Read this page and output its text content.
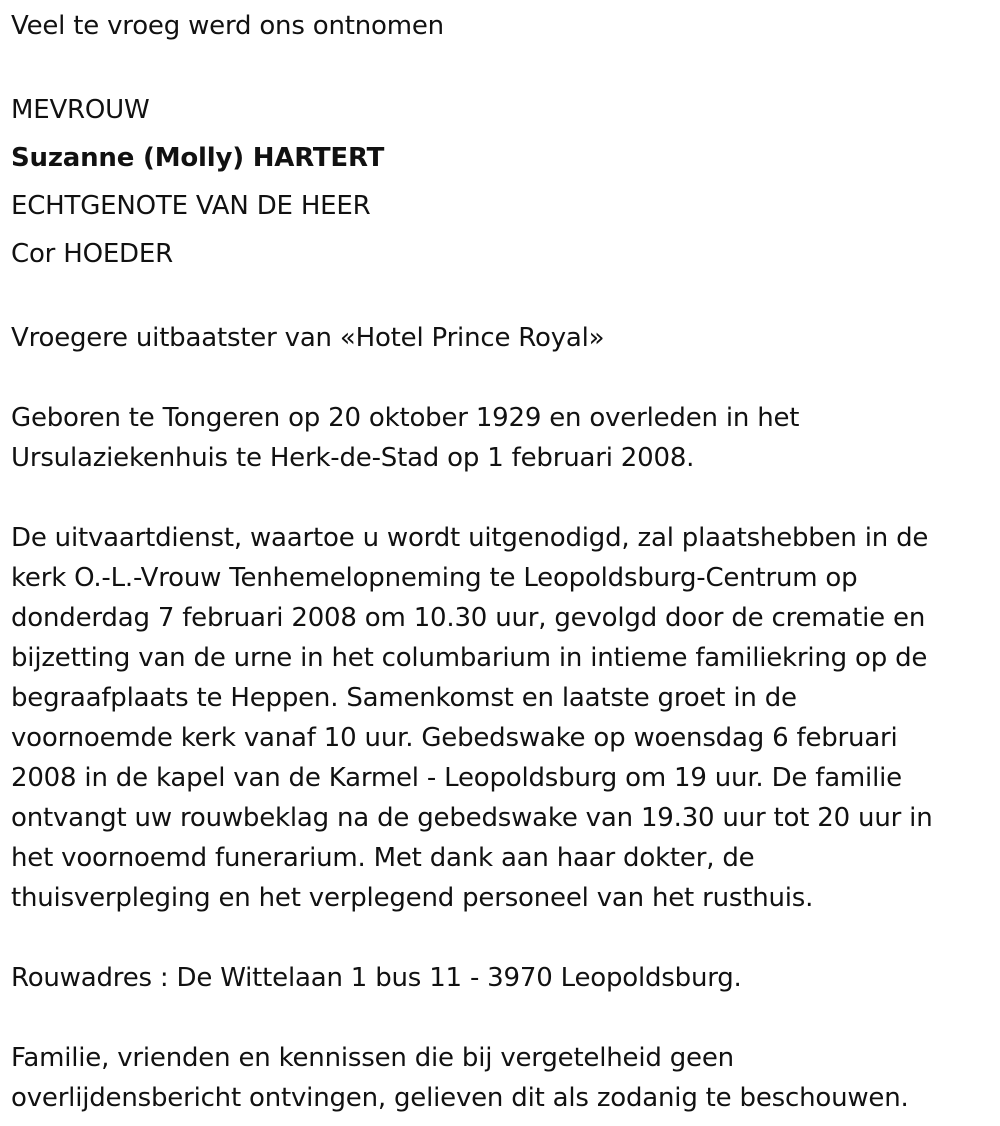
Veel te vroeg werd ons ontnomen
MEVROUW
Suzanne (Molly) HARTERT
ECHTGENOTE VAN DE HEER
Cor HOEDER
Vroegere uitbaatster van «Hotel Prince Royal»
Geboren te Tongeren op 20 oktober 1929 en overleden in het
Ursulaziekenhuis te Herk-de-Stad op 1 februari 2008.
De uitvaartdienst, waartoe u wordt uitgenodigd, zal plaatshebben in de
kerk O.-L.-Vrouw Tenhemelopneming te Leopoldsburg-Centrum op
donderdag 7 februari 2008 om 10.30 uur, gevolgd door de crematie en
bijzetting van de urne in het columbarium in intieme familiekring op de
begraafplaats te Heppen. Samenkomst en laatste groet in de
voornoemde kerk vanaf 10 uur. Gebedswake op woensdag 6 februari
2008 in de kapel van de Karmel - Leopoldsburg om 19 uur. De familie
ontvangt uw rouwbeklag na de gebedswake van 19.30 uur tot 20 uur in
het voornoemd funerarium. Met dank aan haar dokter, de
thuisverpleging en het verplegend personeel van het rusthuis.
Rouwadres : De Wittelaan 1 bus 11 - 3970 Leopoldsburg.
Familie, vrienden en kennissen die bij vergetelheid geen
overlijdensbericht ontvingen, gelieven dit als zodanig te beschouwen.
